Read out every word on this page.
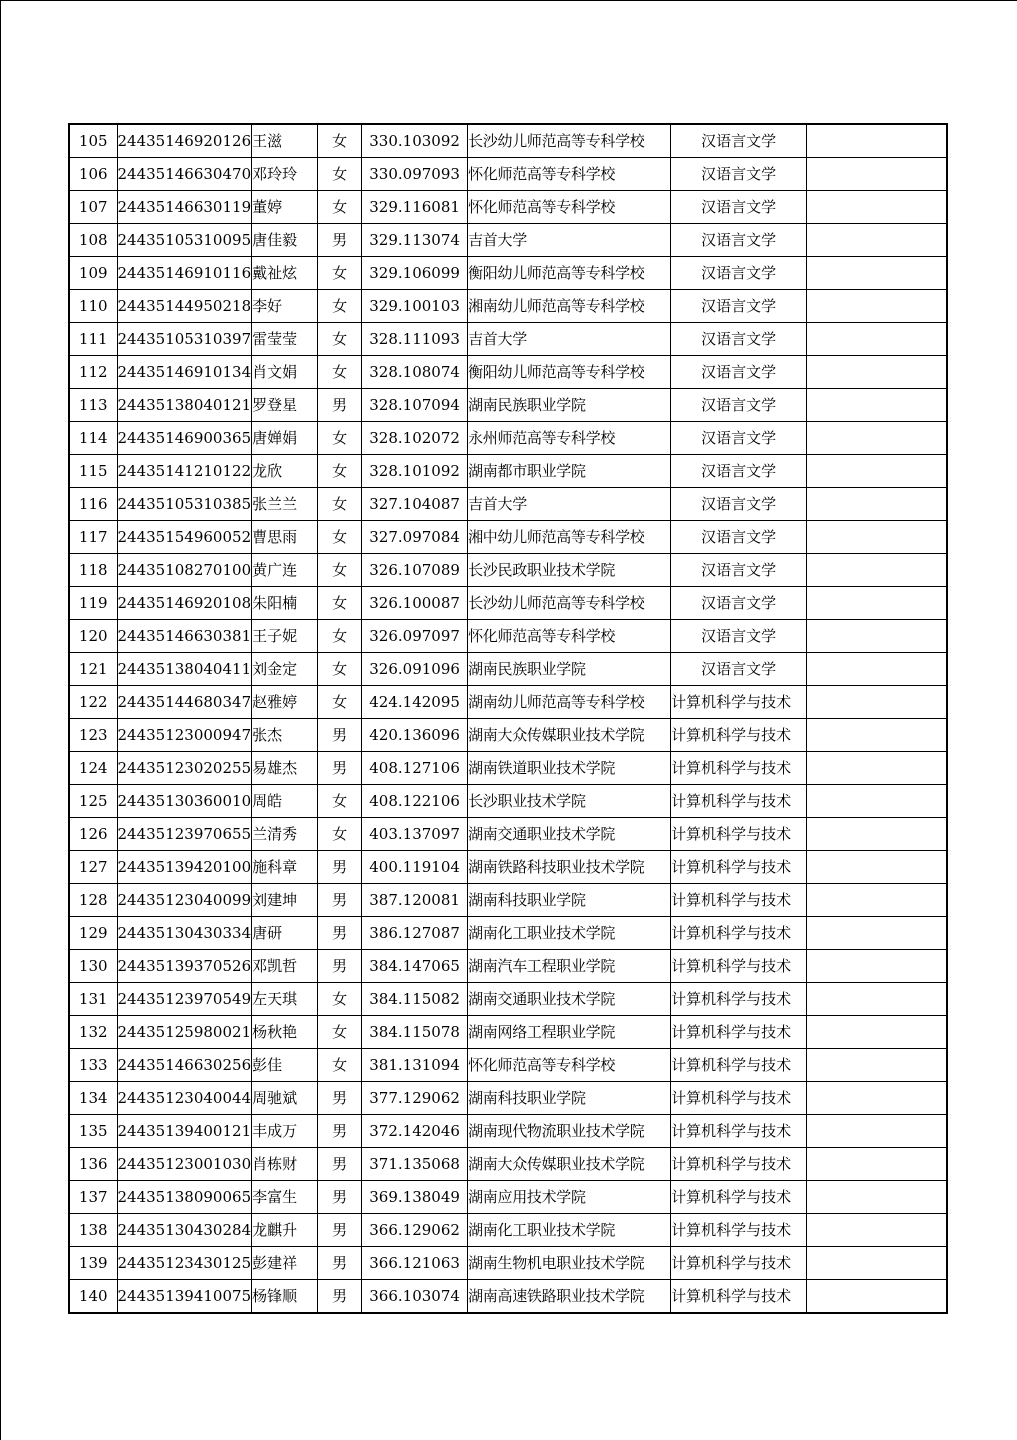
105	24435146920126	王滋	女	330.103092	长沙幼儿师范高等专科学校	汉语言文学	
106	24435146630470	邓玲玲	女	330.097093	怀化师范高等专科学校	汉语言文学	
107	24435146630119	董婷	女	329.116081	怀化师范高等专科学校	汉语言文学	
108	24435105310095	唐佳毅	男	329.113074	吉首大学	汉语言文学	
109	24435146910116	戴祉炫	女	329.106099	衡阳幼儿师范高等专科学校	汉语言文学	
110	24435144950218	李好	女	329.100103	湘南幼儿师范高等专科学校	汉语言文学	
111	24435105310397	雷莹莹	女	328.111093	吉首大学	汉语言文学	
112	24435146910134	肖文娟	女	328.108074	衡阳幼儿师范高等专科学校	汉语言文学	
113	24435138040121	罗登星	男	328.107094	湖南民族职业学院	汉语言文学	
114	24435146900365	唐婵娟	女	328.102072	永州师范高等专科学校	汉语言文学	
115	24435141210122	龙欣	女	328.101092	湖南都市职业学院	汉语言文学	
116	24435105310385	张兰兰	女	327.104087	吉首大学	汉语言文学	
117	24435154960052	曹思雨	女	327.097084	湘中幼儿师范高等专科学校	汉语言文学	
118	24435108270100	黄广连	女	326.107089	长沙民政职业技术学院	汉语言文学	
119	24435146920108	朱阳楠	女	326.100087	长沙幼儿师范高等专科学校	汉语言文学	
120	24435146630381	王子妮	女	326.097097	怀化师范高等专科学校	汉语言文学	
121	24435138040411	刘金定	女	326.091096	湖南民族职业学院	汉语言文学	
122	24435144680347	赵雅婷	女	424.142095	湖南幼儿师范高等专科学校	计算机科学与技术	
123	24435123000947	张杰	男	420.136096	湖南大众传媒职业技术学院	计算机科学与技术	
124	24435123020255	易雄杰	男	408.127106	湖南铁道职业技术学院	计算机科学与技术	
125	24435130360010	周皓	女	408.122106	长沙职业技术学院	计算机科学与技术	
126	24435123970655	兰清秀	女	403.137097	湖南交通职业技术学院	计算机科学与技术	
127	24435139420100	施科章	男	400.119104	湖南铁路科技职业技术学院	计算机科学与技术	
128	24435123040099	刘建坤	男	387.120081	湖南科技职业学院	计算机科学与技术	
129	24435130430334	唐研	男	386.127087	湖南化工职业技术学院	计算机科学与技术	
130	24435139370526	邓凯哲	男	384.147065	湖南汽车工程职业学院	计算机科学与技术	
131	24435123970549	左天琪	女	384.115082	湖南交通职业技术学院	计算机科学与技术	
132	24435125980021	杨秋艳	女	384.115078	湖南网络工程职业学院	计算机科学与技术	
133	24435146630256	彭佳	女	381.131094	怀化师范高等专科学校	计算机科学与技术	
134	24435123040044	周驰斌	男	377.129062	湖南科技职业学院	计算机科学与技术	
135	24435139400121	丰成万	男	372.142046	湖南现代物流职业技术学院	计算机科学与技术	
136	24435123001030	肖栋财	男	371.135068	湖南大众传媒职业技术学院	计算机科学与技术	
137	24435138090065	李富生	男	369.138049	湖南应用技术学院	计算机科学与技术	
138	24435130430284	龙麒升	男	366.129062	湖南化工职业技术学院	计算机科学与技术	
139	24435123430125	彭建祥	男	366.121063	湖南生物机电职业技术学院	计算机科学与技术	
140	24435139410075	杨锋顺	男	366.103074	湖南高速铁路职业技术学院	计算机科学与技术	
